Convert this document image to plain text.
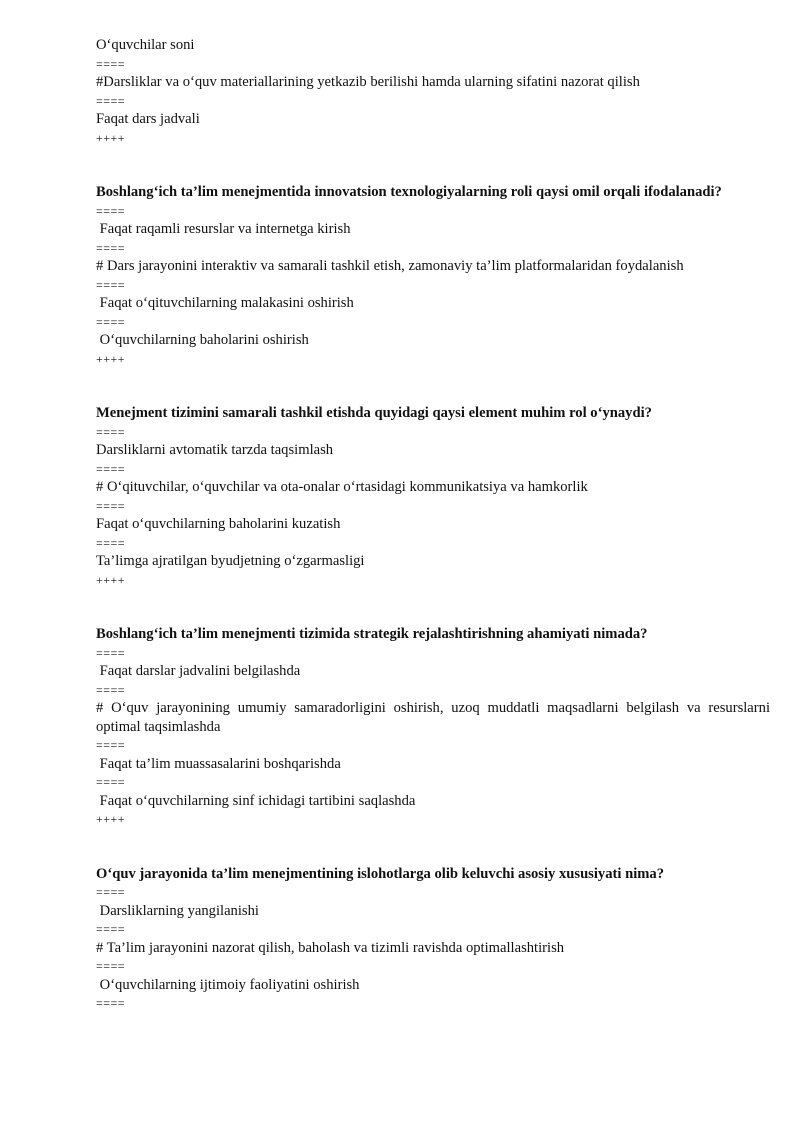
O‘quvchilar soni
====
#Darsliklar va o‘quv materiallarining yetkazib berilishi hamda ularning sifatini nazorat qilish
====
Faqat dars jadvali
++++
Boshlang‘ich ta’lim menejmentida innovatsion texnologiyalarning roli qaysi omil orqali ifodalanadi?
====
Faqat raqamli resurslar va internetga kirish
====
# Dars jarayonini interaktiv va samarali tashkil etish, zamonaviy ta’lim platformalaridan foydalanish
====
Faqat o‘qituvchilarning malakasini oshirish
====
O‘quvchilarning baholarini oshirish
++++
Menejment tizimini samarali tashkil etishda quyidagi qaysi element muhim rol o‘ynaydi?
====
Darsliklarni avtomatik tarzda taqsimlash
====
# O‘qituvchilar, o‘quvchilar va ota-onalar o‘rtasidagi kommunikatsiya va hamkorlik
====
Faqat o‘quvchilarning baholarini kuzatish
====
Ta’limga ajratilgan byudjetning o‘zgarmasligi
++++
Boshlang‘ich ta’lim menejmenti tizimida strategik rejalashtirishning ahamiyati nimada?
====
Faqat darslar jadvalini belgilashda
====
# O‘quv jarayonining umumiy samaradorligini oshirish, uzoq muddatli maqsadlarni belgilash va resurslarni optimal taqsimlashda
====
Faqat ta’lim muassasalarini boshqarishda
====
Faqat o‘quvchilarning sinf ichidagi tartibini saqlashda
++++
O‘quv jarayonida ta’lim menejmentining islohotlarga olib keluvchi asosiy xususiyati nima?
====
Darsliklarning yangilanishi
====
# Ta’lim jarayonini nazorat qilish, baholash va tizimli ravishda optimallashtirish
====
O‘quvchilarning ijtimoiy faoliyatini oshirish
====
